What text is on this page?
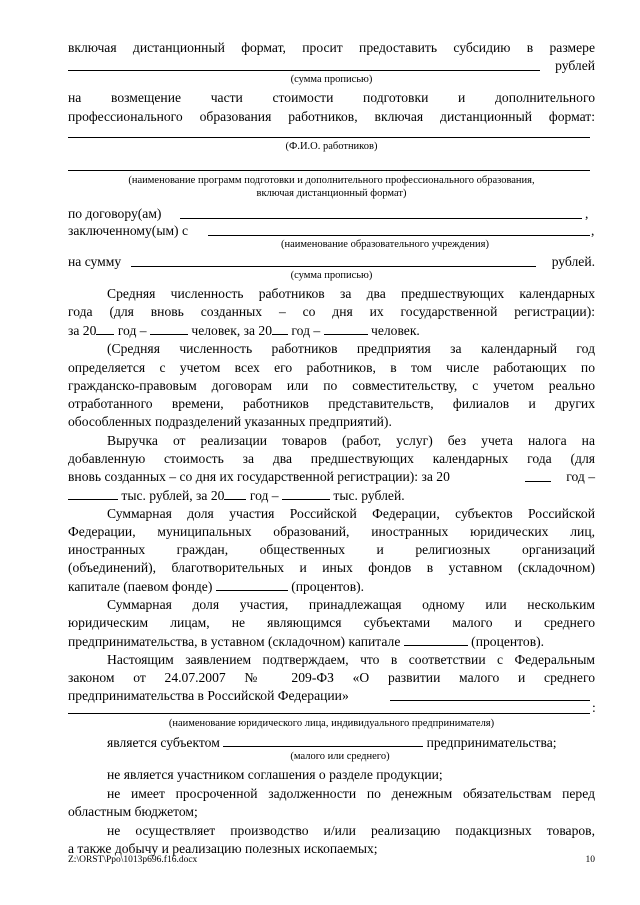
включая дистанционный формат, просит предоставить субсидию в размере
рублей
(сумма прописью)
на возмещение части стоимости подготовки и дополнительного
профессионального образования работников, включая дистанционный формат:
(Ф.И.О. работников)
(наименование программ подготовки и дополнительного профессионального образования,
включая дистанционный формат)
по договору(ам)	,
заключенному(ым) с	,
(наименование образовательного учреждения)
на сумму	рублей.
(сумма прописью)
Средняя численность работников за два предшествующих календарных
года (для вновь созданных – со дня их государственной регистрации):
за 20 год –	человек, за 20 год –	человек.
(Средняя численность работников предприятия за календарный год
определяется с учетом всех его работников, в том числе работающих по
гражданско-правовым договорам или по совместительству, с учетом реально
отработанного времени, работников представительств, филиалов и других
обособленных подразделений указанных предприятий).
Выручка от реализации товаров (работ, услуг) без учета налога на
добавленную стоимость за два предшествующих календарных года (для
вновь созданных – со дня их государственной регистрации): за 20	год –
тыс. рублей, за 20 год –	тыс. рублей.
Суммарная доля участия Российской Федерации, субъектов Российской
Федерации, муниципальных образований, иностранных юридических лиц,
иностранных граждан, общественных и религиозных организаций
(объединений), благотворительных и иных фондов в уставном (складочном)
капитале (паевом фонде)	(процентов).
Суммарная доля участия, принадлежащая одному или нескольким
юридическим лицам, не являющимся субъектами малого и среднего
предпринимательства, в уставном (складочном) капитале	(процентов).
Настоящим заявлением подтверждаем, что в соответствии с Федеральным
законом от 24.07.2007 № 209-ФЗ «О развитии малого и среднего
предпринимательства в Российской Федерации»
:
(наименование юридического лица, индивидуального предпринимателя)
является субъектом	предпринимательства;
(малого или среднего)
не является участником соглашения о разделе продукции;
не имеет просроченной задолженности по денежным обязательствам перед
областным бюджетом;
не осуществляет производство и/или реализацию подакцизных товаров,
а также добычу и реализацию полезных ископаемых;
Z:\ORST\Ppo\1013p696.f16.docx	10
